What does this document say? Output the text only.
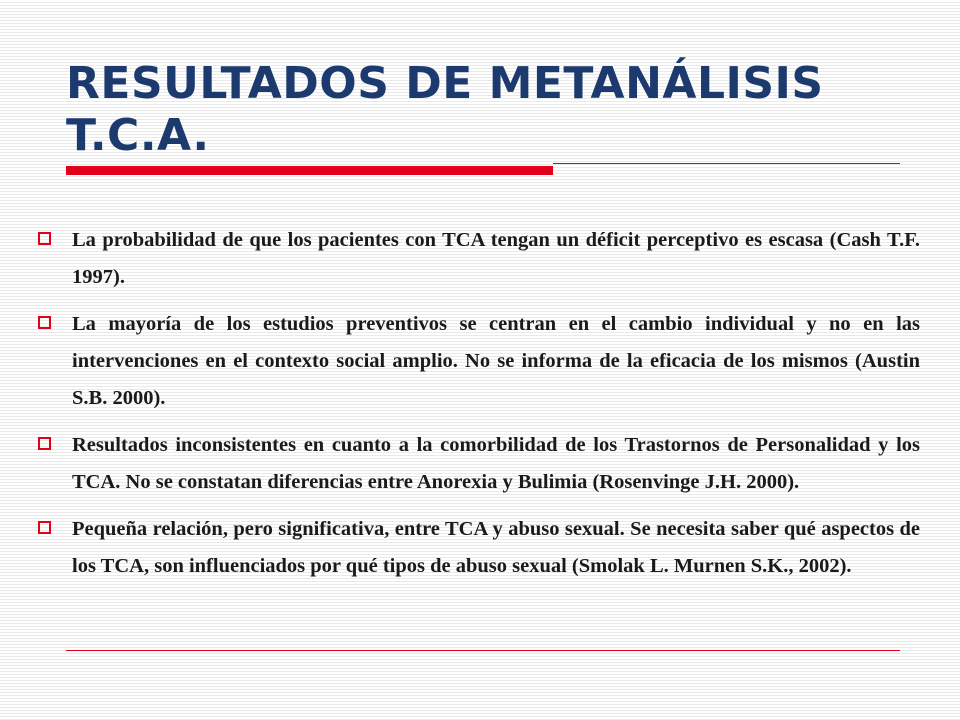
RESULTADOS DE METANÁLISIS
T.C.A.
La probabilidad de que los pacientes con TCA tengan un déficit perceptivo es escasa (Cash T.F. 1997).
La mayoría de los estudios preventivos se centran en el cambio individual y no en las intervenciones en el contexto social amplio. No se informa de la eficacia de los mismos (Austin S.B. 2000).
Resultados inconsistentes en cuanto a la comorbilidad de los Trastornos de Personalidad y los TCA. No se constatan diferencias entre Anorexia y Bulimia (Rosenvinge J.H. 2000).
Pequeña relación, pero significativa, entre TCA y abuso sexual. Se necesita saber qué aspectos de los TCA, son influenciados por qué tipos de abuso sexual (Smolak L. Murnen S.K., 2002).
